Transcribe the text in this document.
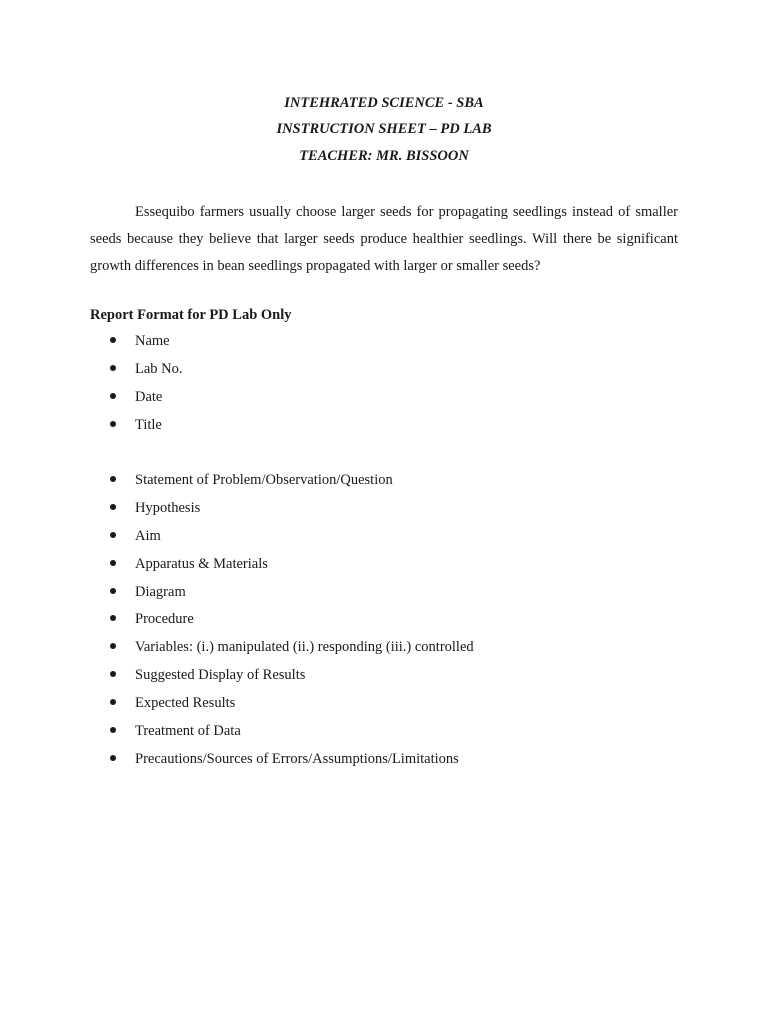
INTEHRATED SCIENCE - SBA
INSTRUCTION SHEET – PD LAB
TEACHER: MR. BISSOON

Essequibo farmers usually choose larger seeds for propagating seedlings instead of smaller seeds because they believe that larger seeds produce healthier seedlings. Will there be significant growth differences in bean seedlings propagated with larger or smaller seeds?

Report Format for PD Lab Only

Name
Lab No.
Date
Title
Statement of Problem/Observation/Question
Hypothesis
Aim
Apparatus & Materials
Diagram
Procedure
Variables: (i.) manipulated (ii.) responding (iii.) controlled
Suggested Display of Results
Expected Results
Treatment of Data
Precautions/Sources of Errors/Assumptions/Limitations
